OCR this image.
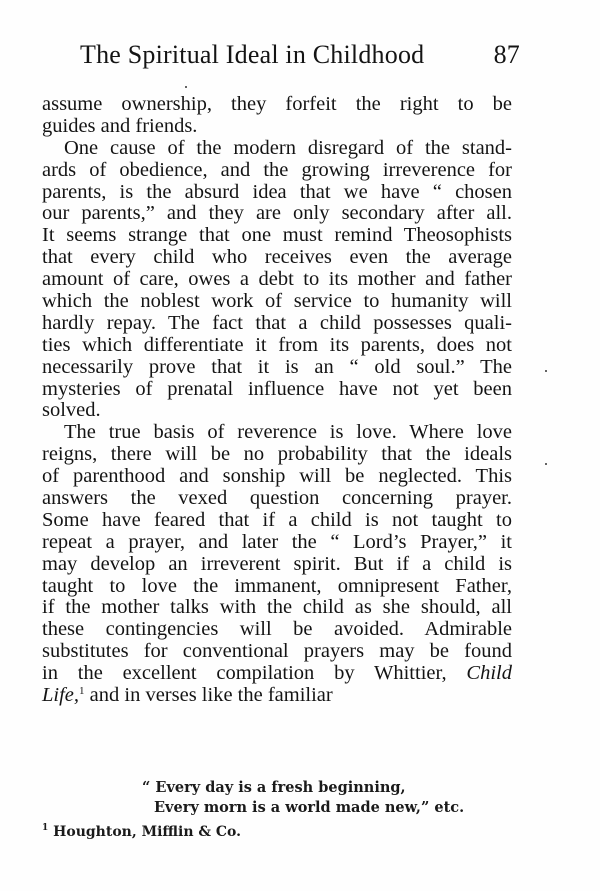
The Spiritual Ideal in Childhood	87
assume ownership, they forfeit the right to be
guides and friends.
One cause of the modern disregard of the stand-
ards of obedience, and the growing irreverence for
parents, is the absurd idea that we have “ chosen
our parents,” and they are only secondary after all.
It seems strange that one must remind Theosophists
that every child who receives even the average
amount of care, owes a debt to its mother and father
which the noblest work of service to humanity will
hardly repay. The fact that a child possesses quali-
ties which differentiate it from its parents, does not
necessarily prove that it is an “ old soul.” The
mysteries of prenatal influence have not yet been
solved.
The true basis of reverence is love. Where love
reigns, there will be no probability that the ideals
of parenthood and sonship will be neglected. This
answers the vexed question concerning prayer.
Some have feared that if a child is not taught to
repeat a prayer, and later the “ Lord’s Prayer,” it
may develop an irreverent spirit. But if a child is
taught to love the immanent, omnipresent Father,
if the mother talks with the child as she should, all
these contingencies will be avoided. Admirable
substitutes for conventional prayers may be found
in the excellent compilation by Whittier, Child
Life,$^1$ and in verses like the familiar
“ Every day is a fresh beginning,
Every morn is a world made new,” etc.
$^1$ Houghton, Mifflin & Co.
